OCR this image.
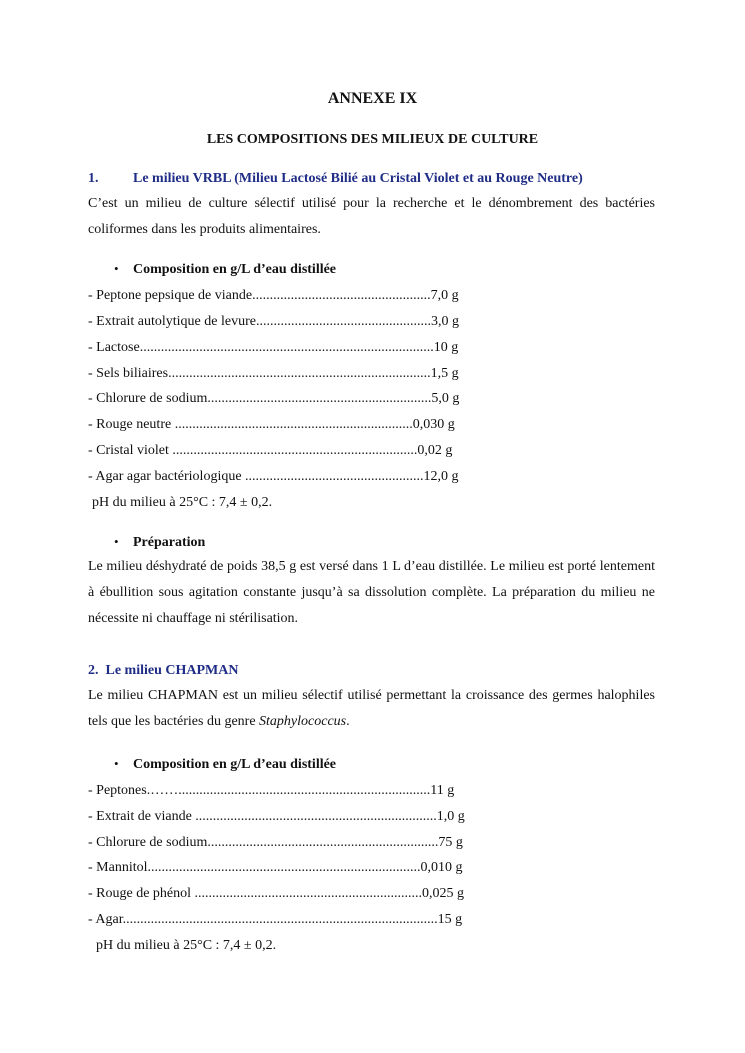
ANNEXE IX
LES COMPOSITIONS DES MILIEUX DE CULTURE
1. Le milieu VRBL (Milieu Lactosé Bilié au Cristal Violet et au Rouge Neutre)
C’est un milieu de culture sélectif utilisé pour la recherche et le dénombrement des bactéries coliformes dans les produits alimentaires.
• Composition en g/L d’eau distillée
- Peptone pepsique de viande...................................................7,0 g
- Extrait autolytique de levure..................................................3,0 g
- Lactose....................................................................................10 g
- Sels biliaires...........................................................................1,5 g
- Chlorure de sodium................................................................5,0 g
- Rouge neutre ....................................................................0,030 g
- Cristal violet ......................................................................0,02 g
- Agar agar bactériologique ...................................................12,0 g
pH du milieu à 25°C : 7,4 ± 0,2.
• Préparation
Le milieu déshydraté de poids 38,5 g est versé dans 1 L d’eau distillée. Le milieu est porté lentement à ébullition sous agitation constante jusqu’à sa dissolution complète. La préparation du milieu ne nécessite ni chauffage ni stérilisation.
2.  Le milieu CHAPMAN
Le milieu CHAPMAN est un milieu sélectif utilisé permettant la croissance des germes halophiles tels que les bactéries du genre Staphylococcus.
• Composition en g/L d’eau distillée
- Peptones.……........................................................................11 g
- Extrait de viande .....................................................................1,0 g
- Chlorure de sodium..................................................................75 g
- Mannitol..............................................................................0,010 g
- Rouge de phénol .................................................................0,025 g
- Agar..........................................................................................15 g
pH du milieu à 25°C : 7,4 ± 0,2.
